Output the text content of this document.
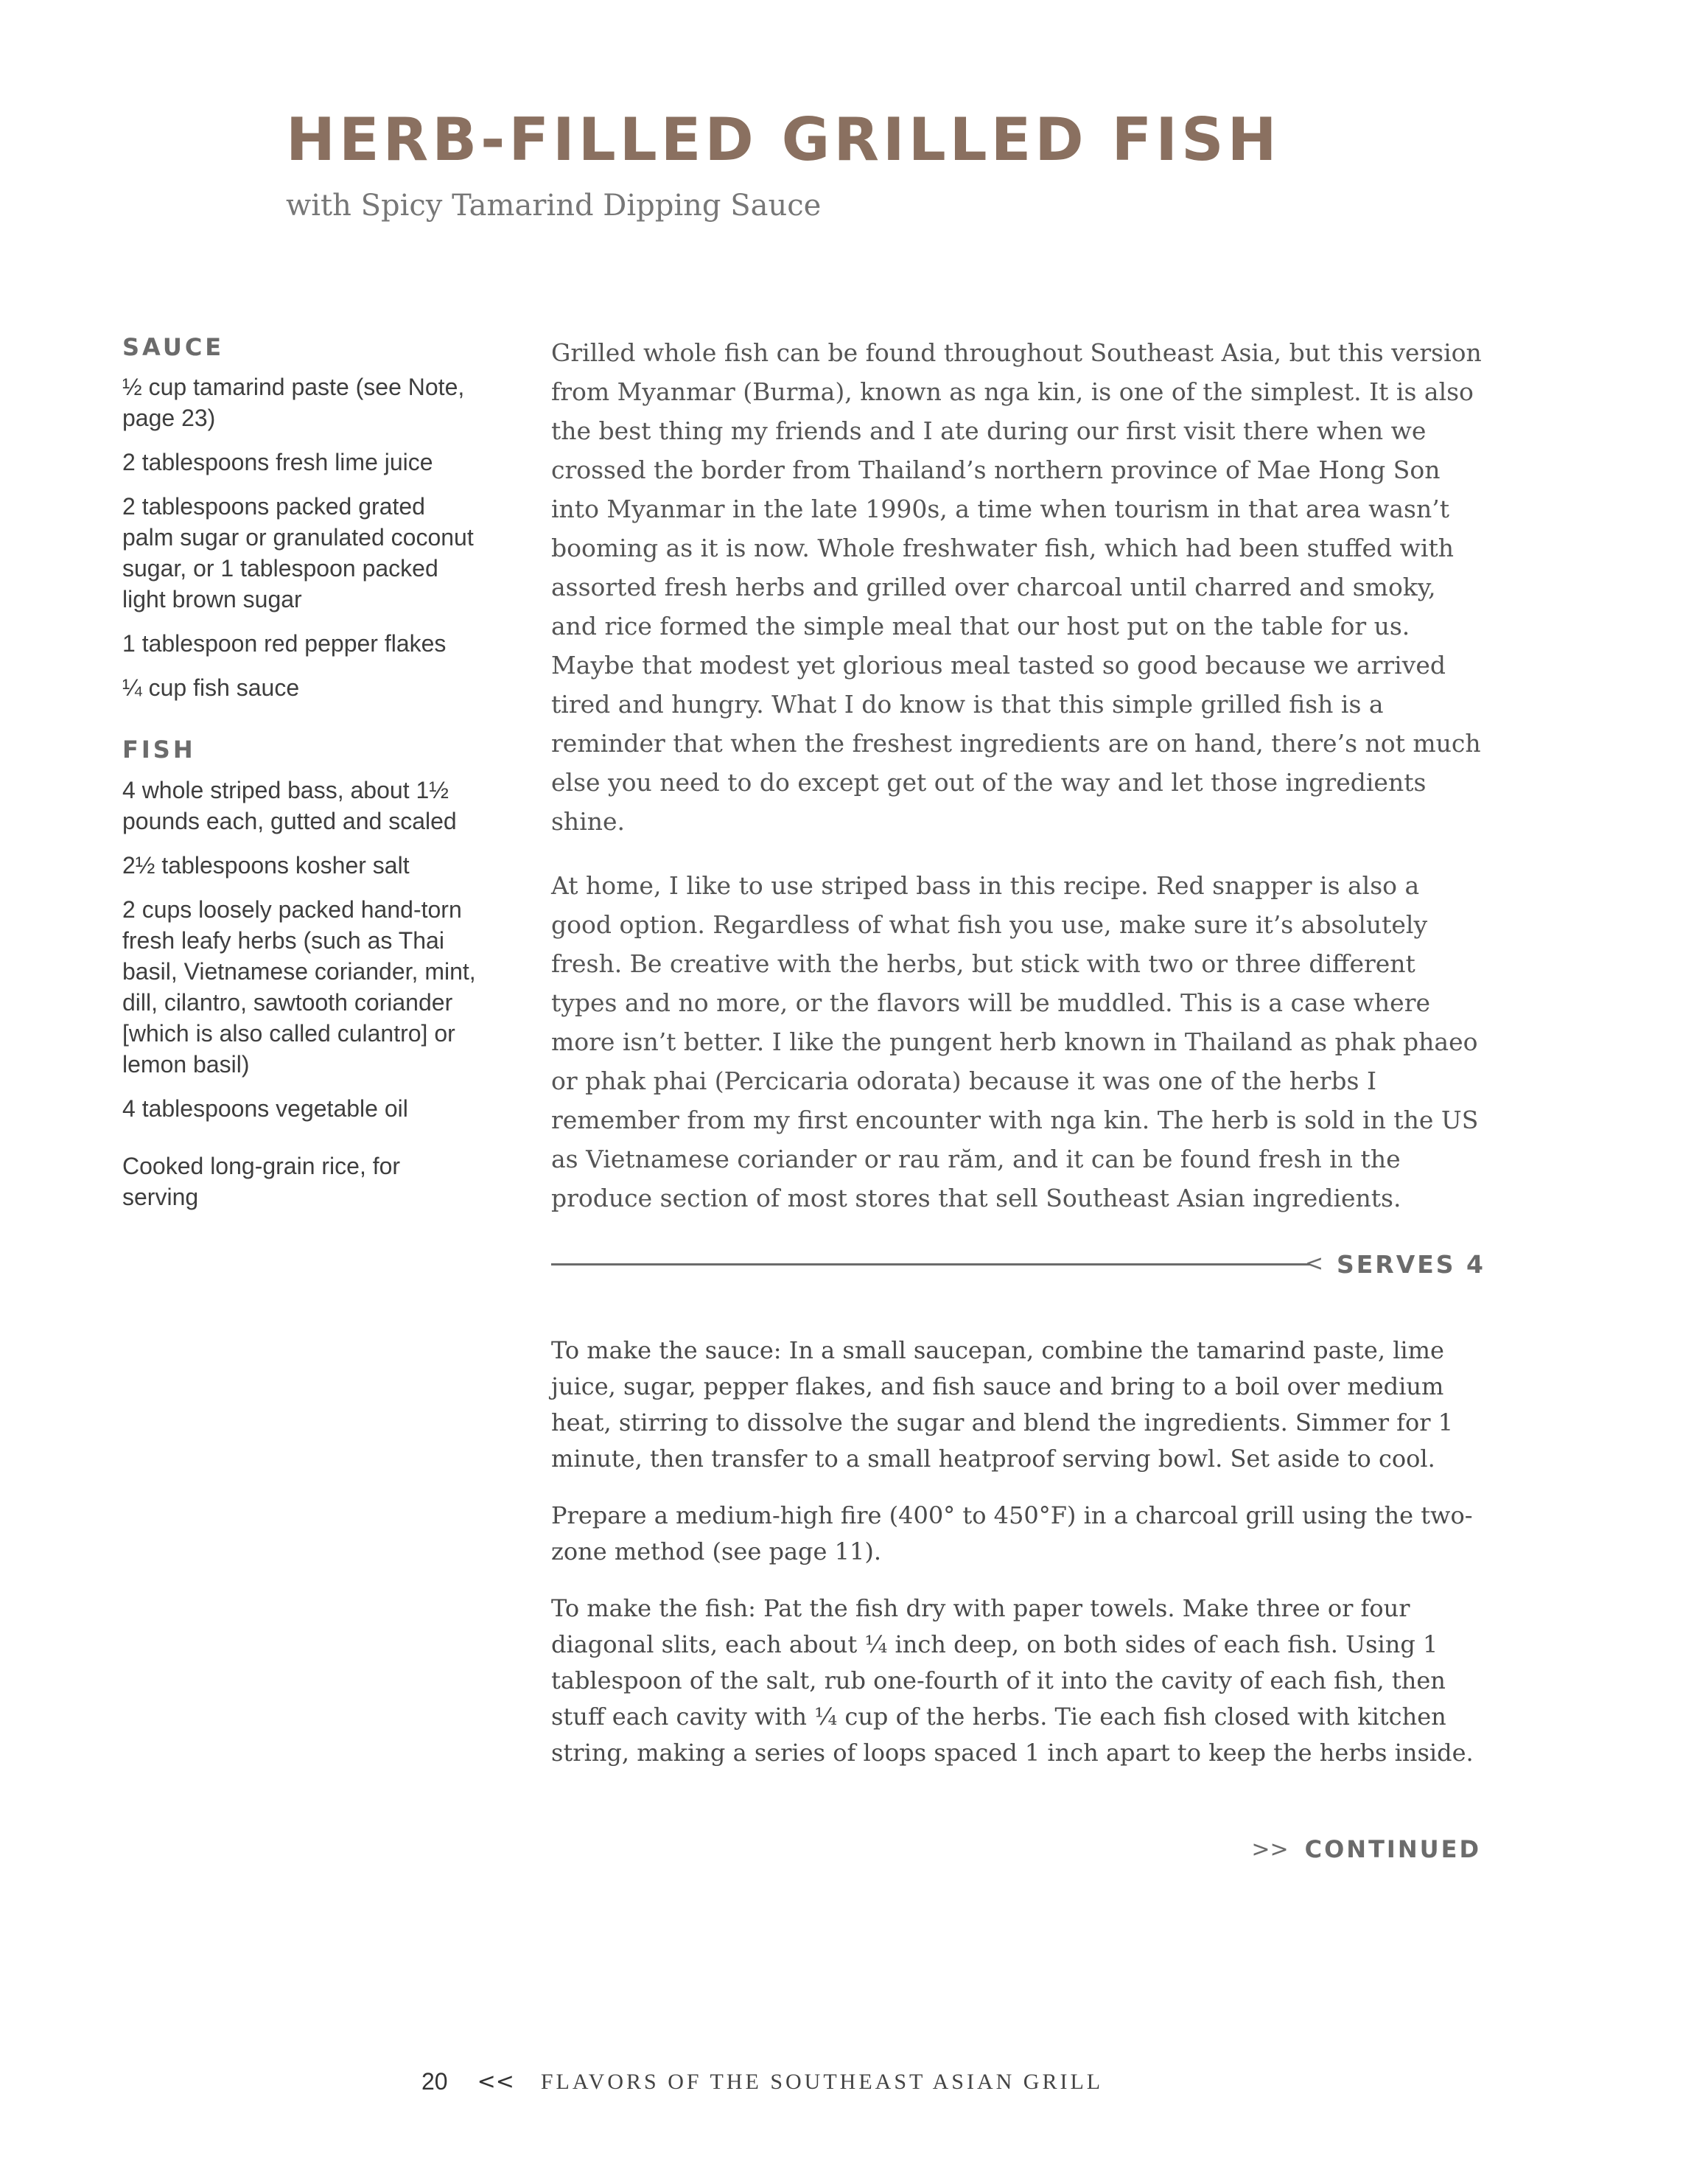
HERB-FILLED GRILLED FISH
with Spicy Tamarind Dipping Sauce
SAUCE
½ cup tamarind paste (see Note, page 23)
2 tablespoons fresh lime juice
2 tablespoons packed grated palm sugar or granulated coconut sugar, or 1 tablespoon packed light brown sugar
1 tablespoon red pepper flakes
¼ cup fish sauce
FISH
4 whole striped bass, about 1½ pounds each, gutted and scaled
2½ tablespoons kosher salt
2 cups loosely packed hand-torn fresh leafy herbs (such as Thai basil, Vietnamese coriander, mint, dill, cilantro, sawtooth coriander [which is also called culantro] or lemon basil)
4 tablespoons vegetable oil
Cooked long-grain rice, for serving

Grilled whole fish can be found throughout Southeast Asia, but this version from Myanmar (Burma), known as nga kin, is one of the simplest. It is also the best thing my friends and I ate during our first visit there when we crossed the border from Thailand’s northern province of Mae Hong Son into Myanmar in the late 1990s, a time when tourism in that area wasn’t booming as it is now. Whole freshwater fish, which had been stuffed with assorted fresh herbs and grilled over charcoal until charred and smoky, and rice formed the simple meal that our host put on the table for us. Maybe that modest yet glorious meal tasted so good because we arrived tired and hungry. What I do know is that this simple grilled fish is a reminder that when the freshest ingredients are on hand, there’s not much else you need to do except get out of the way and let those ingredients shine.

At home, I like to use striped bass in this recipe. Red snapper is also a good option. Regardless of what fish you use, make sure it’s absolutely fresh. Be creative with the herbs, but stick with two or three different types and no more, or the flavors will be muddled. This is a case where more isn’t better. I like the pungent herb known in Thailand as phak phaeo or phak phai (Percicaria odorata) because it was one of the herbs I remember from my first encounter with nga kin. The herb is sold in the US as Vietnamese coriander or rau răm, and it can be found fresh in the produce section of most stores that sell Southeast Asian ingredients.

< SERVES 4

To make the sauce: In a small saucepan, combine the tamarind paste, lime juice, sugar, pepper flakes, and fish sauce and bring to a boil over medium heat, stirring to dissolve the sugar and blend the ingredients. Simmer for 1 minute, then transfer to a small heatproof serving bowl. Set aside to cool.

Prepare a medium-high fire (400° to 450°F) in a charcoal grill using the two-zone method (see page 11).

To make the fish: Pat the fish dry with paper towels. Make three or four diagonal slits, each about ¼ inch deep, on both sides of each fish. Using 1 tablespoon of the salt, rub one-fourth of it into the cavity of each fish, then stuff each cavity with ¼ cup of the herbs. Tie each fish closed with kitchen string, making a series of loops spaced 1 inch apart to keep the herbs inside.

>> CONTINUED
20 << FLAVORS OF THE SOUTHEAST ASIAN GRILL
